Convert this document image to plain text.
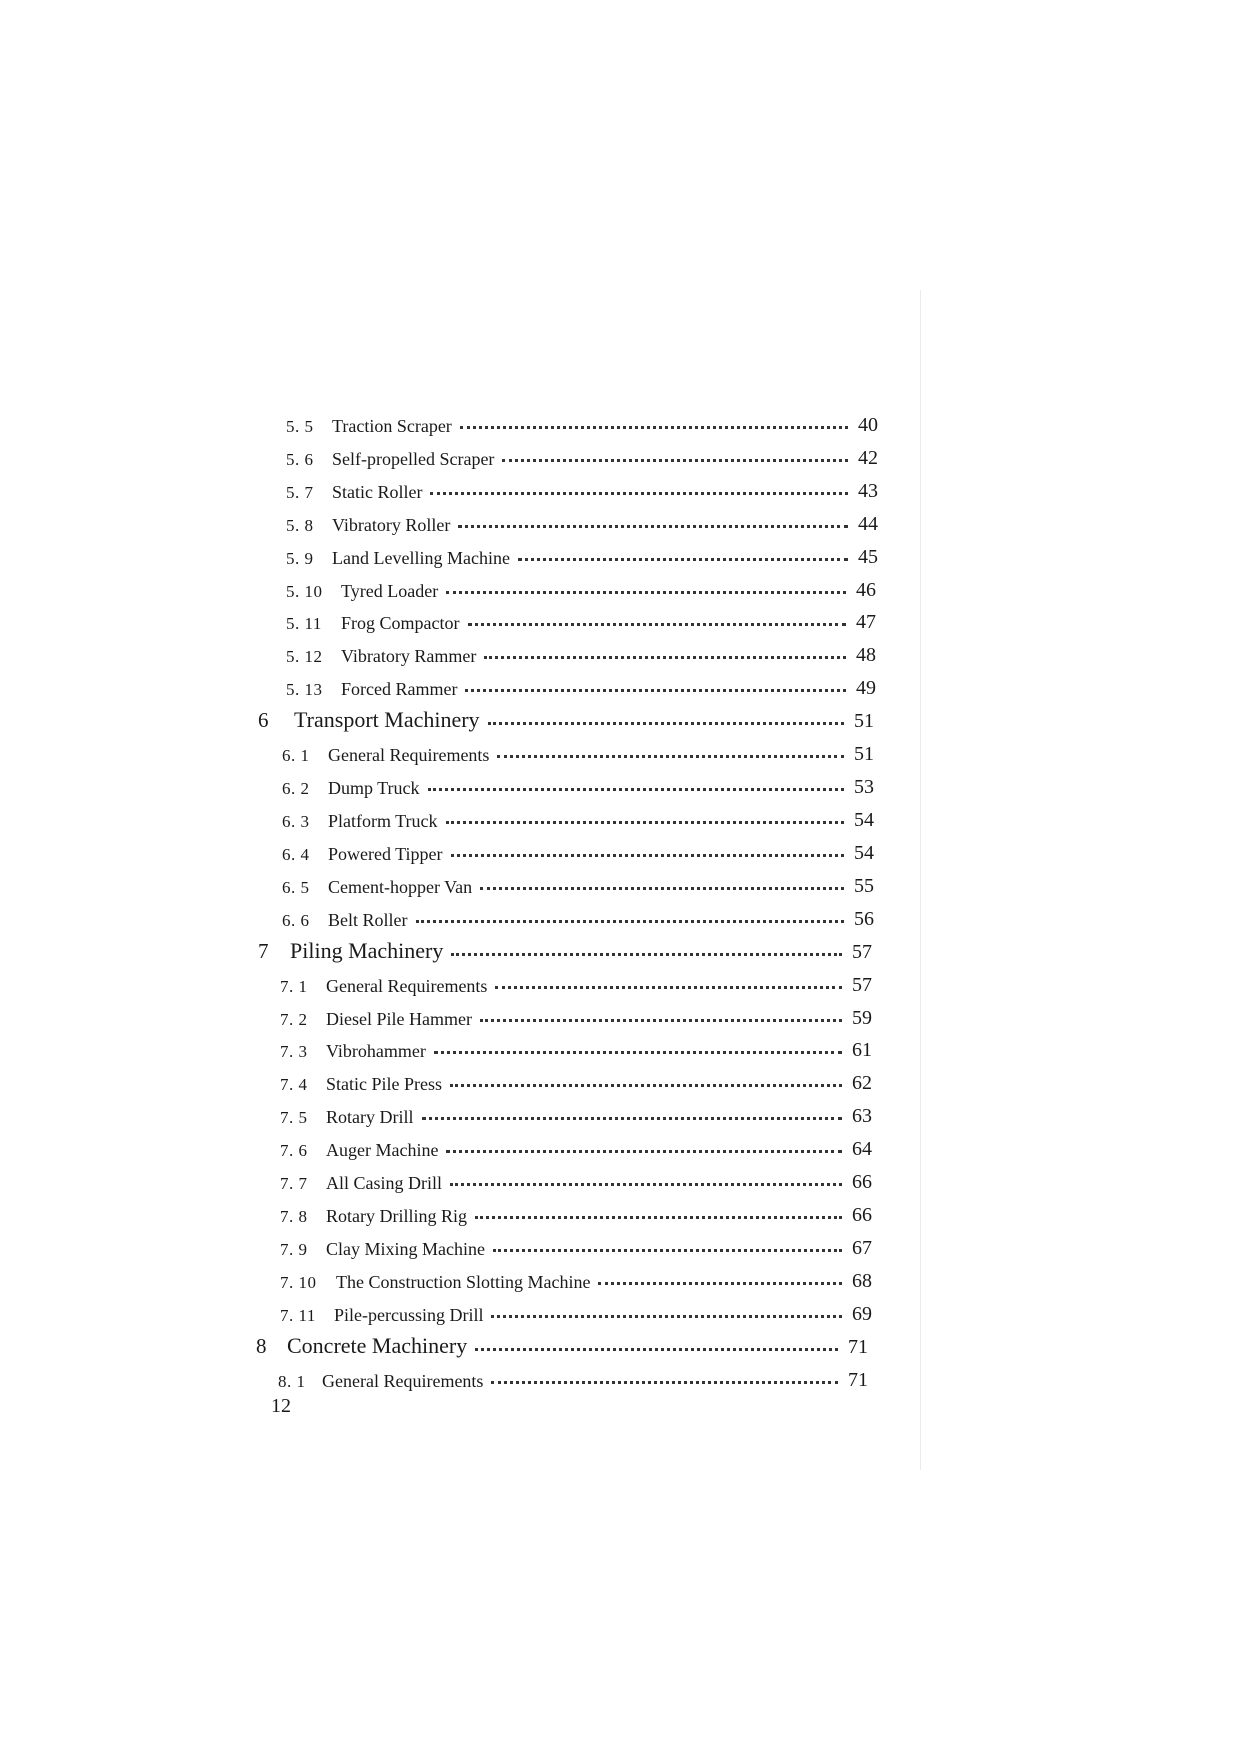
5. 5	Traction Scraper	40
5. 6	Self-propelled Scraper	42
5. 7	Static Roller	43
5. 8	Vibratory Roller	44
5. 9	Land Levelling Machine	45
5. 10	Tyred Loader	46
5. 11	Frog Compactor	47
5. 12	Vibratory Rammer	48
5. 13	Forced Rammer	49
6	Transport Machinery	51
6. 1	General Requirements	51
6. 2	Dump Truck	53
6. 3	Platform Truck	54
6. 4	Powered Tipper	54
6. 5	Cement-hopper Van	55
6. 6	Belt Roller	56
7 Piling Machinery	57
7. 1	General Requirements	57
7. 2	Diesel Pile Hammer	59
7. 3	Vibrohammer	61
7. 4	Static Pile Press	62
7. 5	Rotary Drill	63
7. 6	Auger Machine	64
7. 7	All Casing Drill	66
7. 8	Rotary Drilling Rig	66
7. 9	Clay Mixing Machine	67
7. 10	The Construction Slotting Machine	68
7. 11	Pile-percussing Drill	69
8 Concrete Machinery	71
8. 1 General Requirements	71
12
